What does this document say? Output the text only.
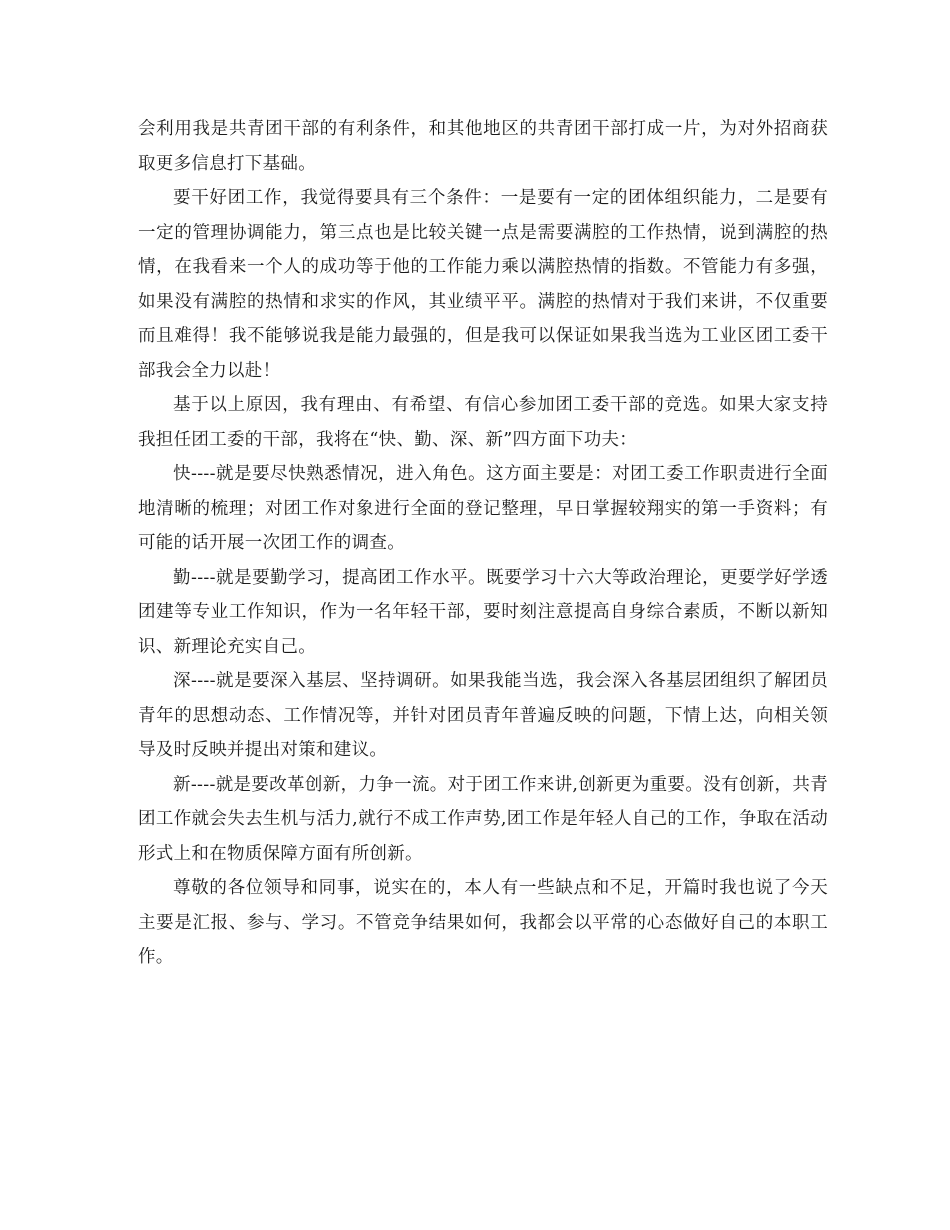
会利用我是共青团干部的有利条件，和其他地区的共青团干部打成一片，为对外招商获取更多信息打下基础。

要干好团工作，我觉得要具有三个条件：一是要有一定的团体组织能力，二是要有一定的管理协调能力，第三点也是比较关键一点是需要满腔的工作热情，说到满腔的热情，在我看来一个人的成功等于他的工作能力乘以满腔热情的指数。不管能力有多强，如果没有满腔的热情和求实的作风，其业绩平平。满腔的热情对于我们来讲，不仅重要而且难得！我不能够说我是能力最强的，但是我可以保证如果我当选为工业区团工委干部我会全力以赴！

基于以上原因，我有理由、有希望、有信心参加团工委干部的竞选。如果大家支持我担任团工委的干部，我将在“快、勤、深、新”四方面下功夫：

快----就是要尽快熟悉情况，进入角色。这方面主要是：对团工委工作职责进行全面地清晰的梳理；对团工作对象进行全面的登记整理，早日掌握较翔实的第一手资料；有可能的话开展一次团工作的调查。

勤----就是要勤学习，提高团工作水平。既要学习十六大等政治理论，更要学好学透团建等专业工作知识，作为一名年轻干部，要时刻注意提高自身综合素质，不断以新知识、新理论充实自己。

深----就是要深入基层、坚持调研。如果我能当选，我会深入各基层团组织了解团员青年的思想动态、工作情况等，并针对团员青年普遍反映的问题，下情上达，向相关领导及时反映并提出对策和建议。

新----就是要改革创新，力争一流。对于团工作来讲,创新更为重要。没有创新，共青团工作就会失去生机与活力,就行不成工作声势,团工作是年轻人自己的工作，争取在活动形式上和在物质保障方面有所创新。

尊敬的各位领导和同事，说实在的，本人有一些缺点和不足，开篇时我也说了今天主要是汇报、参与、学习。不管竞争结果如何，我都会以平常的心态做好自己的本职工作。
